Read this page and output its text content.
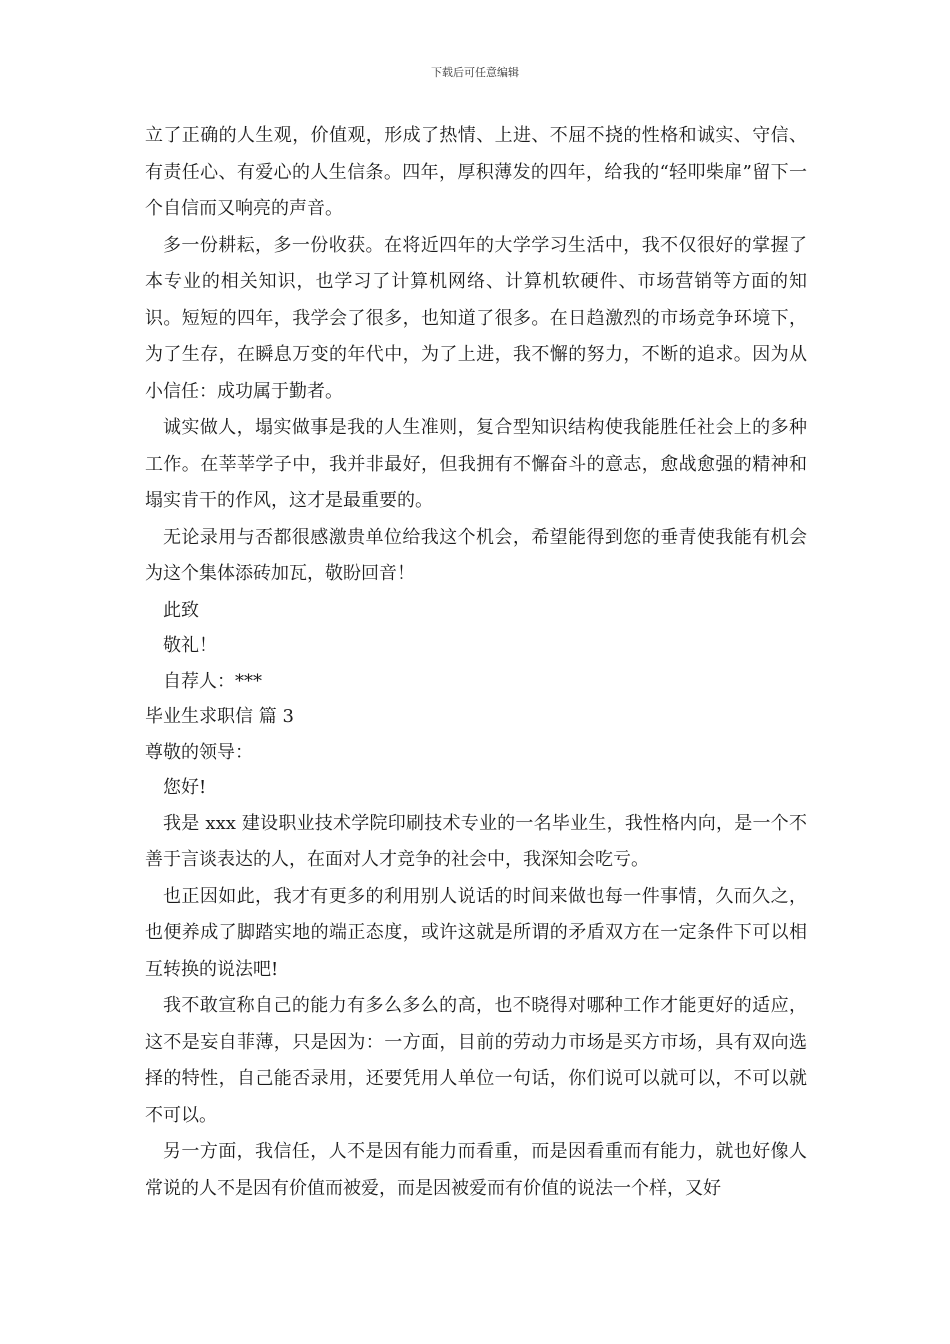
下载后可任意编辑

立了正确的人生观，价值观，形成了热情、上进、不屈不挠的性格和诚实、守信、有责任心、有爱心的人生信条。四年，厚积薄发的四年，给我的“轻叩柴扉”留下一个自信而又响亮的声音。

多一份耕耘，多一份收获。在将近四年的大学学习生活中，我不仅很好的掌握了本专业的相关知识，也学习了计算机网络、计算机软硬件、市场营销等方面的知识。短短的四年，我学会了很多，也知道了很多。在日趋激烈的市场竞争环境下，为了生存，在瞬息万变的年代中，为了上进，我不懈的努力，不断的追求。因为从小信任：成功属于勤者。

诚实做人，塌实做事是我的人生准则，复合型知识结构使我能胜任社会上的多种工作。在莘莘学子中，我并非最好，但我拥有不懈奋斗的意志，愈战愈强的精神和塌实肯干的作风，这才是最重要的。

无论录用与否都很感激贵单位给我这个机会，希望能得到您的垂青使我能有机会为这个集体添砖加瓦，敬盼回音！

此致

敬礼！

自荐人：***

毕业生求职信 篇 3

尊敬的领导：

您好!

我是 xxx 建设职业技术学院印刷技术专业的一名毕业生，我性格内向，是一个不善于言谈表达的人，在面对人才竞争的社会中，我深知会吃亏。

也正因如此，我才有更多的利用别人说话的时间来做也每一件事情，久而久之，也便养成了脚踏实地的端正态度，或许这就是所谓的矛盾双方在一定条件下可以相互转换的说法吧!

我不敢宣称自己的能力有多么多么的高，也不晓得对哪种工作才能更好的适应，这不是妄自菲薄，只是因为：一方面，目前的劳动力市场是买方市场，具有双向选择的特性，自己能否录用，还要凭用人单位一句话，你们说可以就可以，不可以就不可以。

另一方面，我信任，人不是因有能力而看重，而是因看重而有能力，就也好像人常说的人不是因有价值而被爱，而是因被爱而有价值的说法一个样，又好
